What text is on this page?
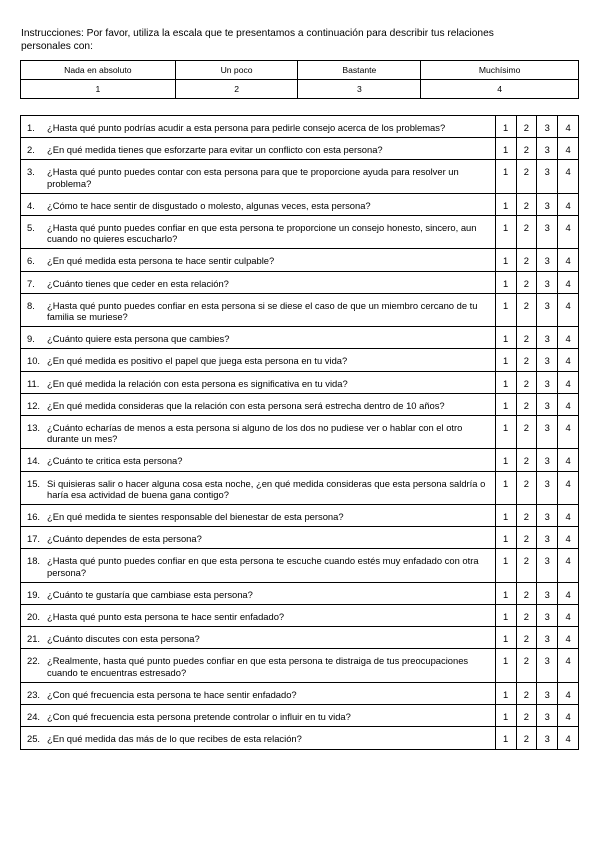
Instrucciones: Por favor, utiliza la escala que te presentamos a continuación para describir tus relaciones personales con:
Nada en absoluto	Un poco	Bastante	Muchísimo
1	2	3	4
1. ¿Hasta qué punto podrías acudir a esta persona para pedirle consejo acerca de los problemas?	1	2	3	4

2. ¿En qué medida tienes que esforzarte para evitar un conflicto con esta persona?	1	2	3	4

3. ¿Hasta qué punto puedes contar con esta persona para que te proporcione ayuda para resolver un problema?	1	2	3	4

4. ¿Cómo te hace sentir de disgustado o molesto, algunas veces, esta persona?	1	2	3	4

5. ¿Hasta qué punto puedes confiar en que esta persona te proporcione un consejo honesto, sincero, aun cuando no quieres escucharlo?	1	2	3	4

6. ¿En qué medida esta persona te hace sentir culpable?	1	2	3	4

7. ¿Cuánto tienes que ceder en esta relación?	1	2	3	4

8. ¿Hasta qué punto puedes confiar en esta persona si se diese el caso de que un miembro cercano de tu familia se muriese?	1	2	3	4

9. ¿Cuánto quiere esta persona que cambies?	1	2	3	4

10. ¿En qué medida es positivo el papel que juega esta persona en tu vida?	1	2	3	4

11. ¿En qué medida la relación con esta persona es significativa en tu vida?	1	2	3	4

12. ¿En qué medida consideras que la relación con esta persona será estrecha dentro de 10 años?	1	2	3	4

13. ¿Cuánto echarías de menos a esta persona si alguno de los dos no pudiese ver o hablar con el otro durante un mes?	1	2	3	4

14. ¿Cuánto te critica esta persona?	1	2	3	4

15. Si quisieras salir o hacer alguna cosa esta noche, ¿en qué medida consideras que esta persona saldría o haría esa actividad de buena gana contigo?	1	2	3	4

16. ¿En qué medida te sientes responsable del bienestar de esta persona?	1	2	3	4

17. ¿Cuánto dependes de esta persona?	1	2	3	4

18. ¿Hasta qué punto puedes confiar en que esta persona te escuche cuando estés muy enfadado con otra persona?	1	2	3	4

19. ¿Cuánto te gustaría que cambiase esta persona?	1	2	3	4

20. ¿Hasta qué punto esta persona te hace sentir enfadado?	1	2	3	4

21. ¿Cuánto discutes con esta persona?	1	2	3	4

22. ¿Realmente, hasta qué punto puedes confiar en que esta persona te distraiga de tus preocupaciones cuando te encuentras estresado?	1	2	3	4

23. ¿Con qué frecuencia esta persona te hace sentir enfadado?	1	2	3	4

24. ¿Con qué frecuencia esta persona pretende controlar o influir en tu vida?	1	2	3	4

25. ¿En qué medida das más de lo que recibes de esta relación?	1	2	3	4
